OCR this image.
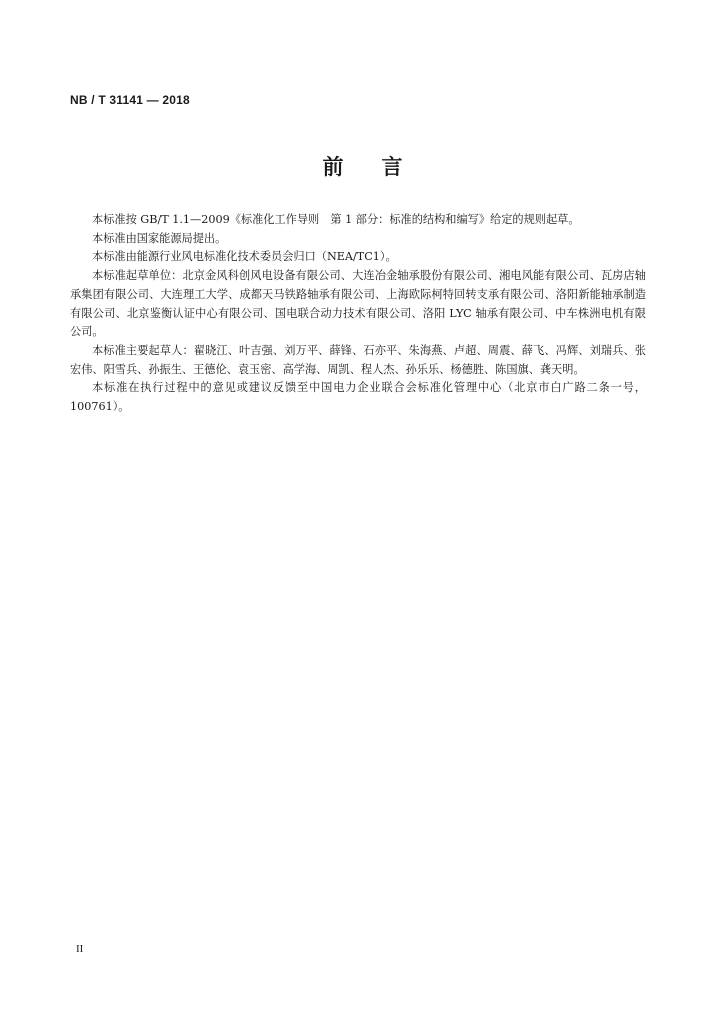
NB / T 31141 — 2018
前 言

本标准按 GB/T 1.1—2009《标准化工作导则　第 1 部分：标准的结构和编写》给定的规则起草。

本标准由国家能源局提出。

本标准由能源行业风电标准化技术委员会归口（NEA/TC1）。

本标准起草单位：北京金风科创风电设备有限公司、大连冶金轴承股份有限公司、湘电风能有限公司、瓦房店轴承集团有限公司、大连理工大学、成都天马铁路轴承有限公司、上海欧际柯特回转支承有限公司、洛阳新能轴承制造有限公司、北京鉴衡认证中心有限公司、国电联合动力技术有限公司、洛阳 LYC 轴承有限公司、中车株洲电机有限公司。

本标准主要起草人：翟晓江、叶吉强、刘万平、薛锋、石亦平、朱海燕、卢超、周震、薛飞、冯辉、刘瑞兵、张宏伟、阳雪兵、孙振生、王德伦、袁玉密、高学海、周凯、程人杰、孙乐乐、杨德胜、陈国旗、龚天明。

本标准在执行过程中的意见或建议反馈至中国电力企业联合会标准化管理中心（北京市白广路二条一号，100761）。

II
